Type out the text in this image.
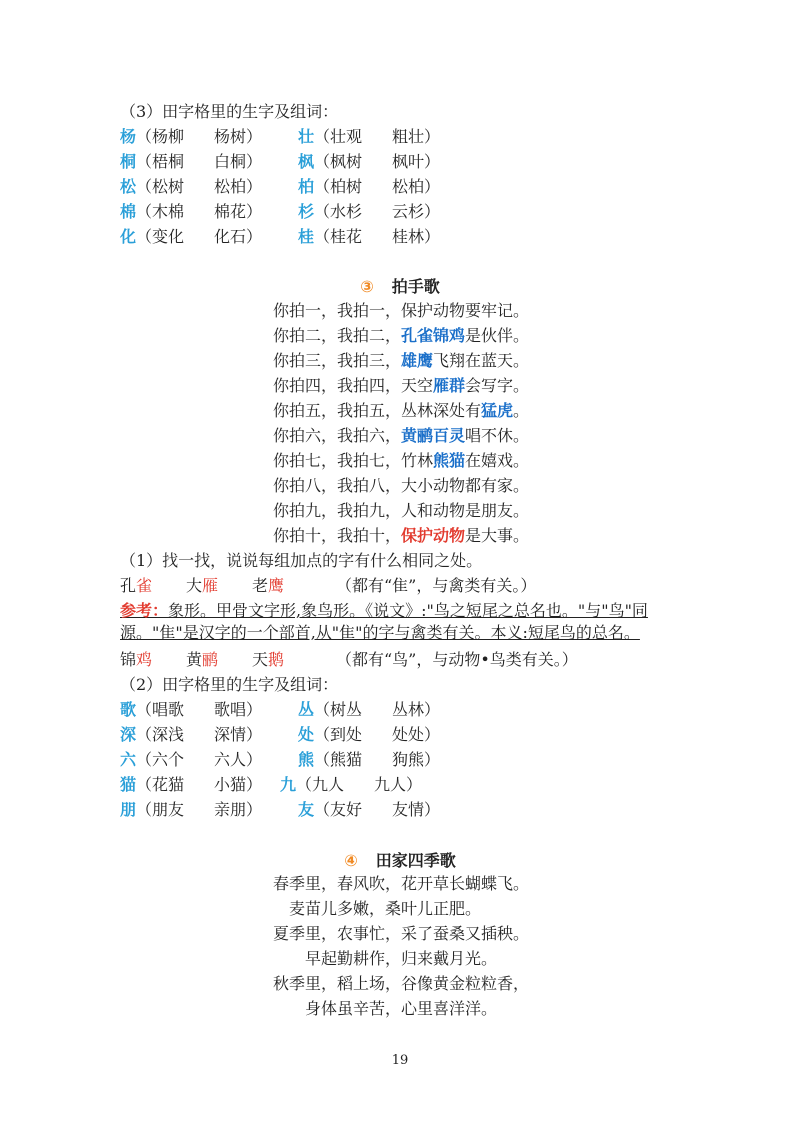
（3）田字格里的生字及组词：
杨（杨柳 杨树） 壮（壮观 粗壮）
桐（梧桐 白桐） 枫（枫树 枫叶）
松（松树 松柏） 柏（柏树 松柏）
棉（木棉 棉花） 杉（水杉 云杉）
化（变化 化石） 桂（桂花 桂林）
③ 拍手歌
你拍一，我拍一，保护动物要牢记。
你拍二，我拍二，孔雀锦鸡是伙伴。
你拍三，我拍三，雄鹰飞翔在蓝天。
你拍四，我拍四，天空雁群会写字。
你拍五，我拍五，丛林深处有猛虎。
你拍六，我拍六，黄鹂百灵唱不休。
你拍七，我拍七，竹林熊猫在嬉戏。
你拍八，我拍八，大小动物都有家。
你拍九，我拍九，人和动物是朋友。
你拍十，我拍十，保护动物是大事。
（1）找一找，说说每组加点的字有什么相同之处。
孔雀 大雁 老鹰	（都有“隹”，与禽类有关。）
参考：象形。甲骨文字形,象鸟形。《说文》:"鸟之短尾之总名也。"与"鸟"同源。"隹"是汉字的一个部首,从"隹"的字与禽类有关。本义:短尾鸟的总名。
锦鸡 黄鹂 天鹅	（都有“鸟”，与动物•鸟类有关。）
（2）田字格里的生字及组词：
歌（唱歌 歌唱） 丛（树丛 丛林）
深（深浅 深情） 处（到处 处处）
六（六个 六人） 熊（熊猫 狗熊）
猫（花猫 小猫） 九（九人 九人）
朋（朋友 亲朋） 友（友好 友情）
④ 田家四季歌
春季里，春风吹，花开草长蝴蝶飞。
麦苗儿多嫩，桑叶儿正肥。
夏季里，农事忙，采了蚕桑又插秧。
早起勤耕作，归来戴月光。
秋季里，稻上场，谷像黄金粒粒香，
身体虽辛苦，心里喜洋洋。
19
